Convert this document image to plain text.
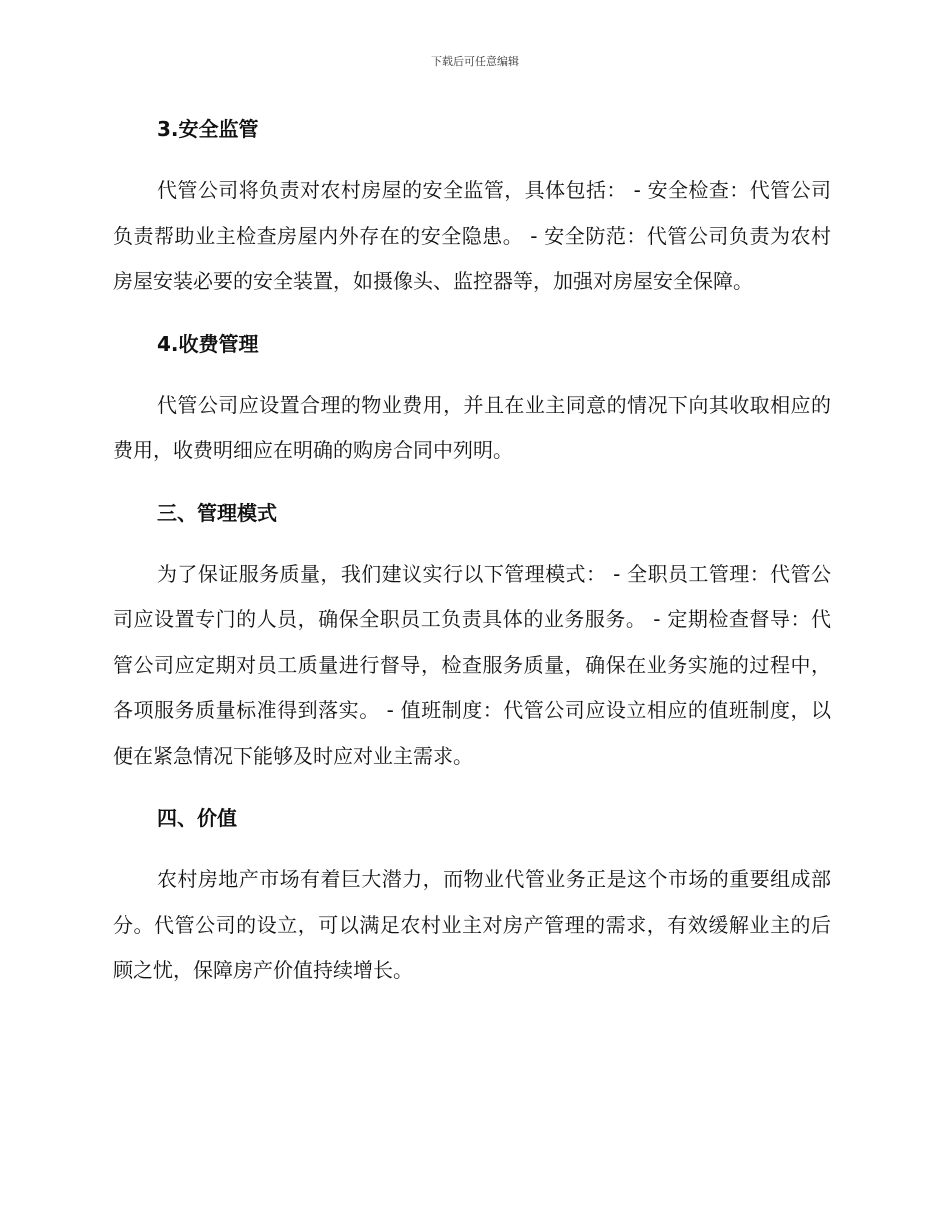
下载后可任意编辑
3.安全监管

代管公司将负责对农村房屋的安全监管，具体包括： - 安全检查：代管公司负责帮助业主检查房屋内外存在的安全隐患。 - 安全防范：代管公司负责为农村房屋安装必要的安全装置，如摄像头、监控器等，加强对房屋安全保障。

4.收费管理

代管公司应设置合理的物业费用，并且在业主同意的情况下向其收取相应的费用，收费明细应在明确的购房合同中列明。

三、管理模式

为了保证服务质量，我们建议实行以下管理模式： - 全职员工管理：代管公司应设置专门的人员，确保全职员工负责具体的业务服务。 - 定期检查督导：代管公司应定期对员工质量进行督导，检查服务质量，确保在业务实施的过程中，各项服务质量标准得到落实。 - 值班制度：代管公司应设立相应的值班制度，以便在紧急情况下能够及时应对业主需求。

四、价值

农村房地产市场有着巨大潜力，而物业代管业务正是这个市场的重要组成部分。代管公司的设立，可以满足农村业主对房产管理的需求，有效缓解业主的后顾之忧，保障房产价值持续增长。
